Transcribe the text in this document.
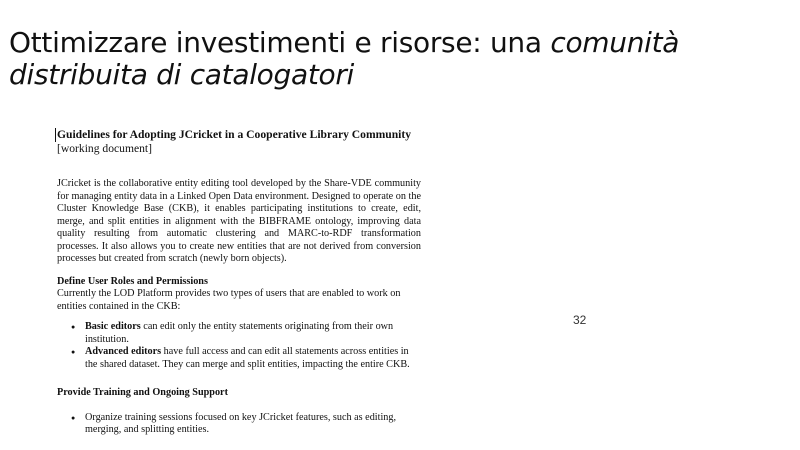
Ottimizzare investimenti e risorse: una comunità distribuita di catalogatori
Guidelines for Adopting JCricket in a Cooperative Library Community
[working document]

JCricket is the collaborative entity editing tool developed by the Share-VDE community for managing entity data in a Linked Open Data environment. Designed to operate on the Cluster Knowledge Base (CKB), it enables participating institutions to create, edit, merge, and split entities in alignment with the BIBFRAME ontology, improving data quality resulting from automatic clustering and MARC-to-RDF transformation processes. It also allows you to create new entities that are not derived from conversion processes but created from scratch (newly born objects).

Define User Roles and Permissions

Currently the LOD Platform provides two types of users that are enabled to work on entities contained in the CKB:

● Basic editors can edit only the entity statements originating from their own institution.
● Advanced editors have full access and can edit all statements across entities in the shared dataset. They can merge and split entities, impacting the entire CKB.
Provide Training and Ongoing Support
● Organize training sessions focused on key JCricket features, such as editing, merging, and splitting entities.
32
